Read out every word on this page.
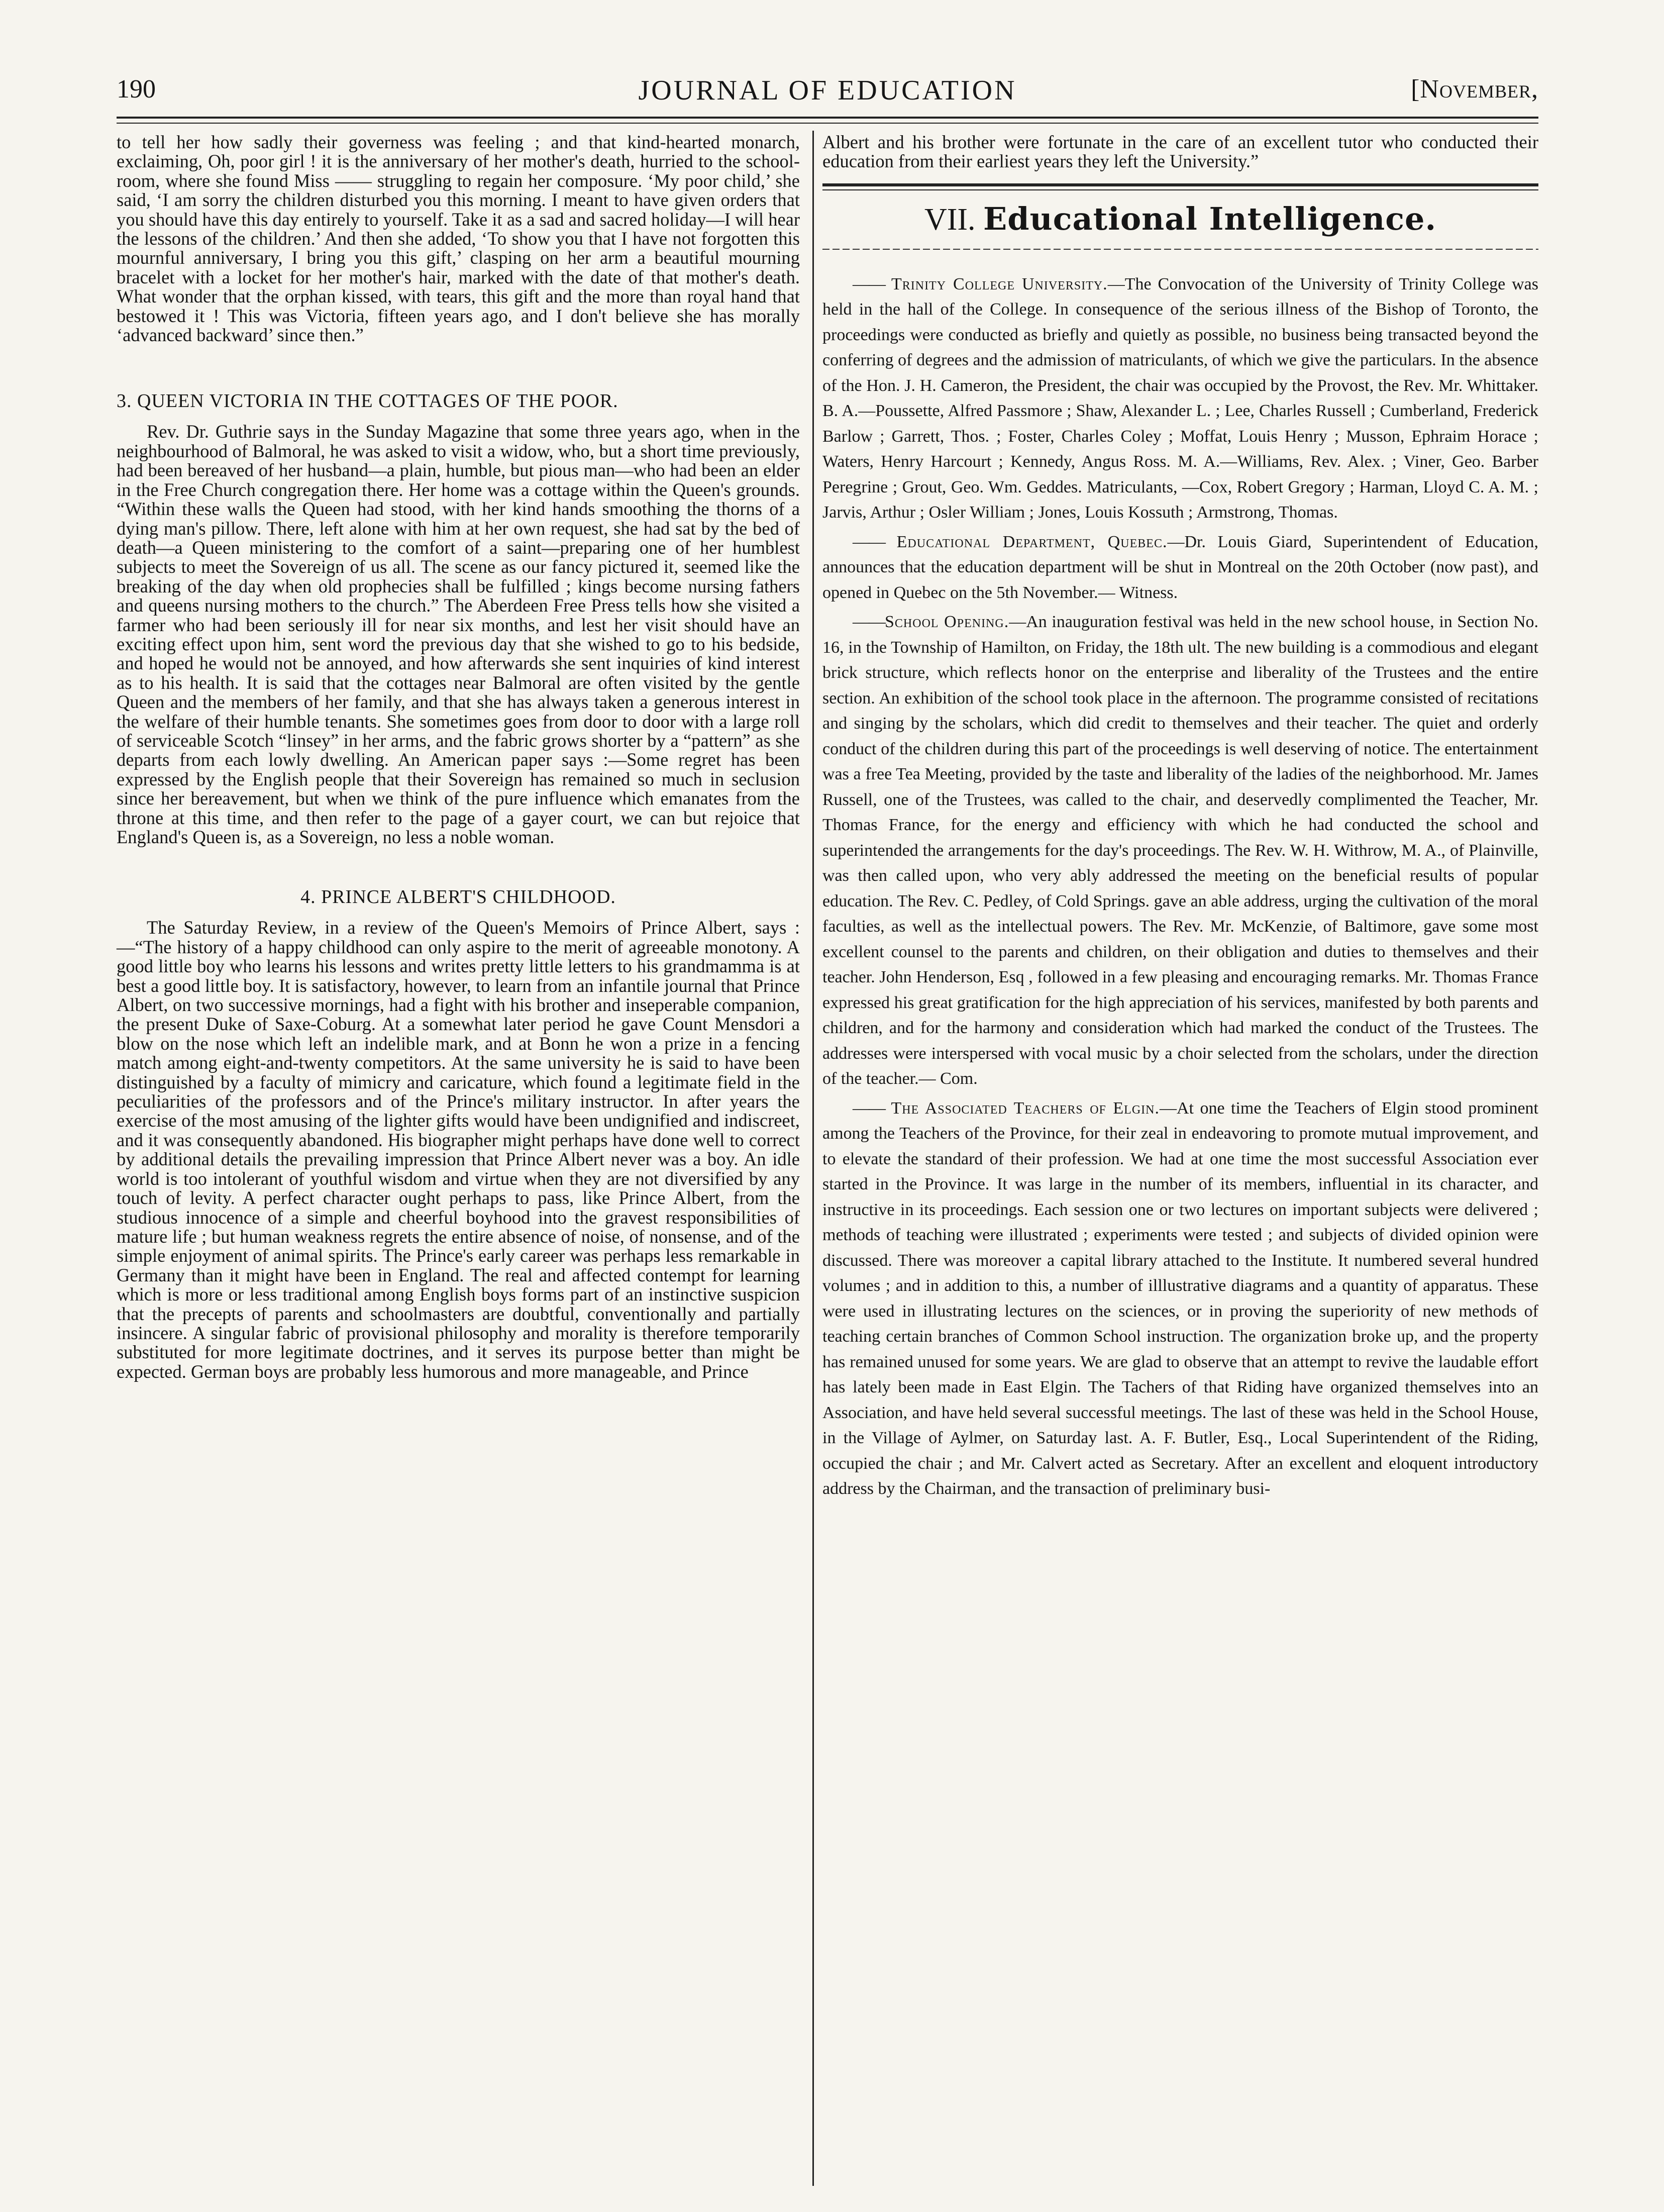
190	JOURNAL OF EDUCATION	[November,

to tell her how sadly their governess was feeling ; and that kind-hearted monarch, exclaiming, Oh, poor girl ! it is the anniversary of her mother's death, hurried to the school-room, where she found Miss —— struggling to regain her composure. ‘My poor child,’ she said, ‘I am sorry the children disturbed you this morning. I meant to have given orders that you should have this day entirely to yourself. Take it as a sad and sacred holiday—I will hear the lessons of the children.’ And then she added, ‘To show you that I have not forgotten this mournful anniversary, I bring you this gift,’ clasping on her arm a beautiful mourning bracelet with a locket for her mother's hair, marked with the date of that mother's death. What wonder that the orphan kissed, with tears, this gift and the more than royal hand that bestowed it ! This was Victoria, fifteen years ago, and I don't believe she has morally ‘advanced backward’ since then.”

3. QUEEN VICTORIA IN THE COTTAGES OF THE POOR.

Rev. Dr. Guthrie says in the Sunday Magazine that some three years ago, when in the neighbourhood of Balmoral, he was asked to visit a widow, who, but a short time previously, had been bereaved of her husband—a plain, humble, but pious man—who had been an elder in the Free Church congregation there. Her home was a cottage within the Queen's grounds. “Within these walls the Queen had stood, with her kind hands smoothing the thorns of a dying man's pillow. There, left alone with him at her own request, she had sat by the bed of death—a Queen ministering to the comfort of a saint—preparing one of her humblest subjects to meet the Sovereign of us all. The scene as our fancy pictured it, seemed like the breaking of the day when old prophecies shall be fulfilled ; kings become nursing fathers and queens nursing mothers to the church.” The Aberdeen Free Press tells how she visited a farmer who had been seriously ill for near six months, and lest her visit should have an exciting effect upon him, sent word the previous day that she wished to go to his bedside, and hoped he would not be annoyed, and how afterwards she sent inquiries of kind interest as to his health. It is said that the cottages near Balmoral are often visited by the gentle Queen and the members of her family, and that she has always taken a generous interest in the welfare of their humble tenants. She sometimes goes from door to door with a large roll of serviceable Scotch “linsey” in her arms, and the fabric grows shorter by a “pattern” as she departs from each lowly dwelling. An American paper says :—Some regret has been expressed by the English people that their Sovereign has remained so much in seclusion since her bereavement, but when we think of the pure influence which emanates from the throne at this time, and then refer to the page of a gayer court, we can but rejoice that England's Queen is, as a Sovereign, no less a noble woman.

4. PRINCE ALBERT'S CHILDHOOD.

The Saturday Review, in a review of the Queen's Memoirs of Prince Albert, says :—“The history of a happy childhood can only aspire to the merit of agreeable monotony. A good little boy who learns his lessons and writes pretty little letters to his grandmamma is at best a good little boy. It is satisfactory, however, to learn from an infantile journal that Prince Albert, on two successive mornings, had a fight with his brother and inseperable companion, the present Duke of Saxe-Coburg. At a somewhat later period he gave Count Mensdori a blow on the nose which left an indelible mark, and at Bonn he won a prize in a fencing match among eight-and-twenty competitors. At the same university he is said to have been distinguished by a faculty of mimicry and caricature, which found a legitimate field in the peculiarities of the professors and of the Prince's military instructor. In after years the exercise of the most amusing of the lighter gifts would have been undignified and indiscreet, and it was consequently abandoned. His biographer might perhaps have done well to correct by additional details the prevailing impression that Prince Albert never was a boy. An idle world is too intolerant of youthful wisdom and virtue when they are not diversified by any touch of levity. A perfect character ought perhaps to pass, like Prince Albert, from the studious innocence of a simple and cheerful boyhood into the gravest responsibilities of mature life ; but human weakness regrets the entire absence of noise, of nonsense, and of the simple enjoyment of animal spirits. The Prince's early career was perhaps less remarkable in Germany than it might have been in England. The real and affected contempt for learning which is more or less traditional among English boys forms part of an instinctive suspicion that the precepts of parents and schoolmasters are doubtful, conventionally and partially insincere. A singular fabric of provisional philosophy and morality is therefore temporarily substituted for more legitimate doctrines, and it serves its purpose better than might be expected. German boys are probably less humorous and more manageable, and Prince

Albert and his brother were fortunate in the care of an excellent tutor who conducted their education from their earliest years they left the University.”

VII. Educational Intelligence.

—— Trinity College University.—The Convocation of the University of Trinity College was held in the hall of the College. In consequence of the serious illness of the Bishop of Toronto, the proceedings were conducted as briefly and quietly as possible, no business being transacted beyond the conferring of degrees and the admission of matriculants, of which we give the particulars. In the absence of the Hon. J. H. Cameron, the President, the chair was occupied by the Provost, the Rev. Mr. Whittaker. B. A.—Poussette, Alfred Passmore ; Shaw, Alexander L. ; Lee, Charles Russell ; Cumberland, Frederick Barlow ; Garrett, Thos. ; Foster, Charles Coley ; Moffat, Louis Henry ; Musson, Ephraim Horace ; Waters, Henry Harcourt ; Kennedy, Angus Ross. M. A.—Williams, Rev. Alex. ; Viner, Geo. Barber Peregrine ; Grout, Geo. Wm. Geddes. Matriculants, —Cox, Robert Gregory ; Harman, Lloyd C. A. M. ; Jarvis, Arthur ; Osler William ; Jones, Louis Kossuth ; Armstrong, Thomas.

—— Educational Department, Quebec.—Dr. Louis Giard, Superintendent of Education, announces that the education department will be shut in Montreal on the 20th October (now past), and opened in Quebec on the 5th November.— Witness.

——School Opening.—An inauguration festival was held in the new school house, in Section No. 16, in the Township of Hamilton, on Friday, the 18th ult. The new building is a commodious and elegant brick structure, which reflects honor on the enterprise and liberality of the Trustees and the entire section. An exhibition of the school took place in the afternoon. The programme consisted of recitations and singing by the scholars, which did credit to themselves and their teacher. The quiet and orderly conduct of the children during this part of the proceedings is well deserving of notice. The entertainment was a free Tea Meeting, provided by the taste and liberality of the ladies of the neighborhood. Mr. James Russell, one of the Trustees, was called to the chair, and deservedly complimented the Teacher, Mr. Thomas France, for the energy and efficiency with which he had conducted the school and superintended the arrangements for the day's proceedings. The Rev. W. H. Withrow, M. A., of Plainville, was then called upon, who very ably addressed the meeting on the beneficial results of popular education. The Rev. C. Pedley, of Cold Springs. gave an able address, urging the cultivation of the moral faculties, as well as the intellectual powers. The Rev. Mr. McKenzie, of Baltimore, gave some most excellent counsel to the parents and children, on their obligation and duties to themselves and their teacher. John Henderson, Esq , followed in a few pleasing and encouraging remarks. Mr. Thomas France expressed his great gratification for the high appreciation of his services, manifested by both parents and children, and for the harmony and consideration which had marked the conduct of the Trustees. The addresses were interspersed with vocal music by a choir selected from the scholars, under the direction of the teacher.— Com.

—— The Associated Teachers of Elgin.—At one time the Teachers of Elgin stood prominent among the Teachers of the Province, for their zeal in endeavoring to promote mutual improvement, and to elevate the standard of their profession. We had at one time the most successful Association ever started in the Province. It was large in the number of its members, influential in its character, and instructive in its proceedings. Each session one or two lectures on important subjects were delivered ; methods of teaching were illustrated ; experiments were tested ; and subjects of divided opinion were discussed. There was moreover a capital library attached to the Institute. It numbered several hundred volumes ; and in addition to this, a number of illlustrative diagrams and a quantity of apparatus. These were used in illustrating lectures on the sciences, or in proving the superiority of new methods of teaching certain branches of Common School instruction. The organization broke up, and the property has remained unused for some years. We are glad to observe that an attempt to revive the laudable effort has lately been made in East Elgin. The Tachers of that Riding have organized themselves into an Association, and have held several successful meetings. The last of these was held in the School House, in the Village of Aylmer, on Saturday last. A. F. Butler, Esq., Local Superintendent of the Riding, occupied the chair ; and Mr. Calvert acted as Secretary. After an excellent and eloquent introductory address by the Chairman, and the transaction of preliminary busi-
